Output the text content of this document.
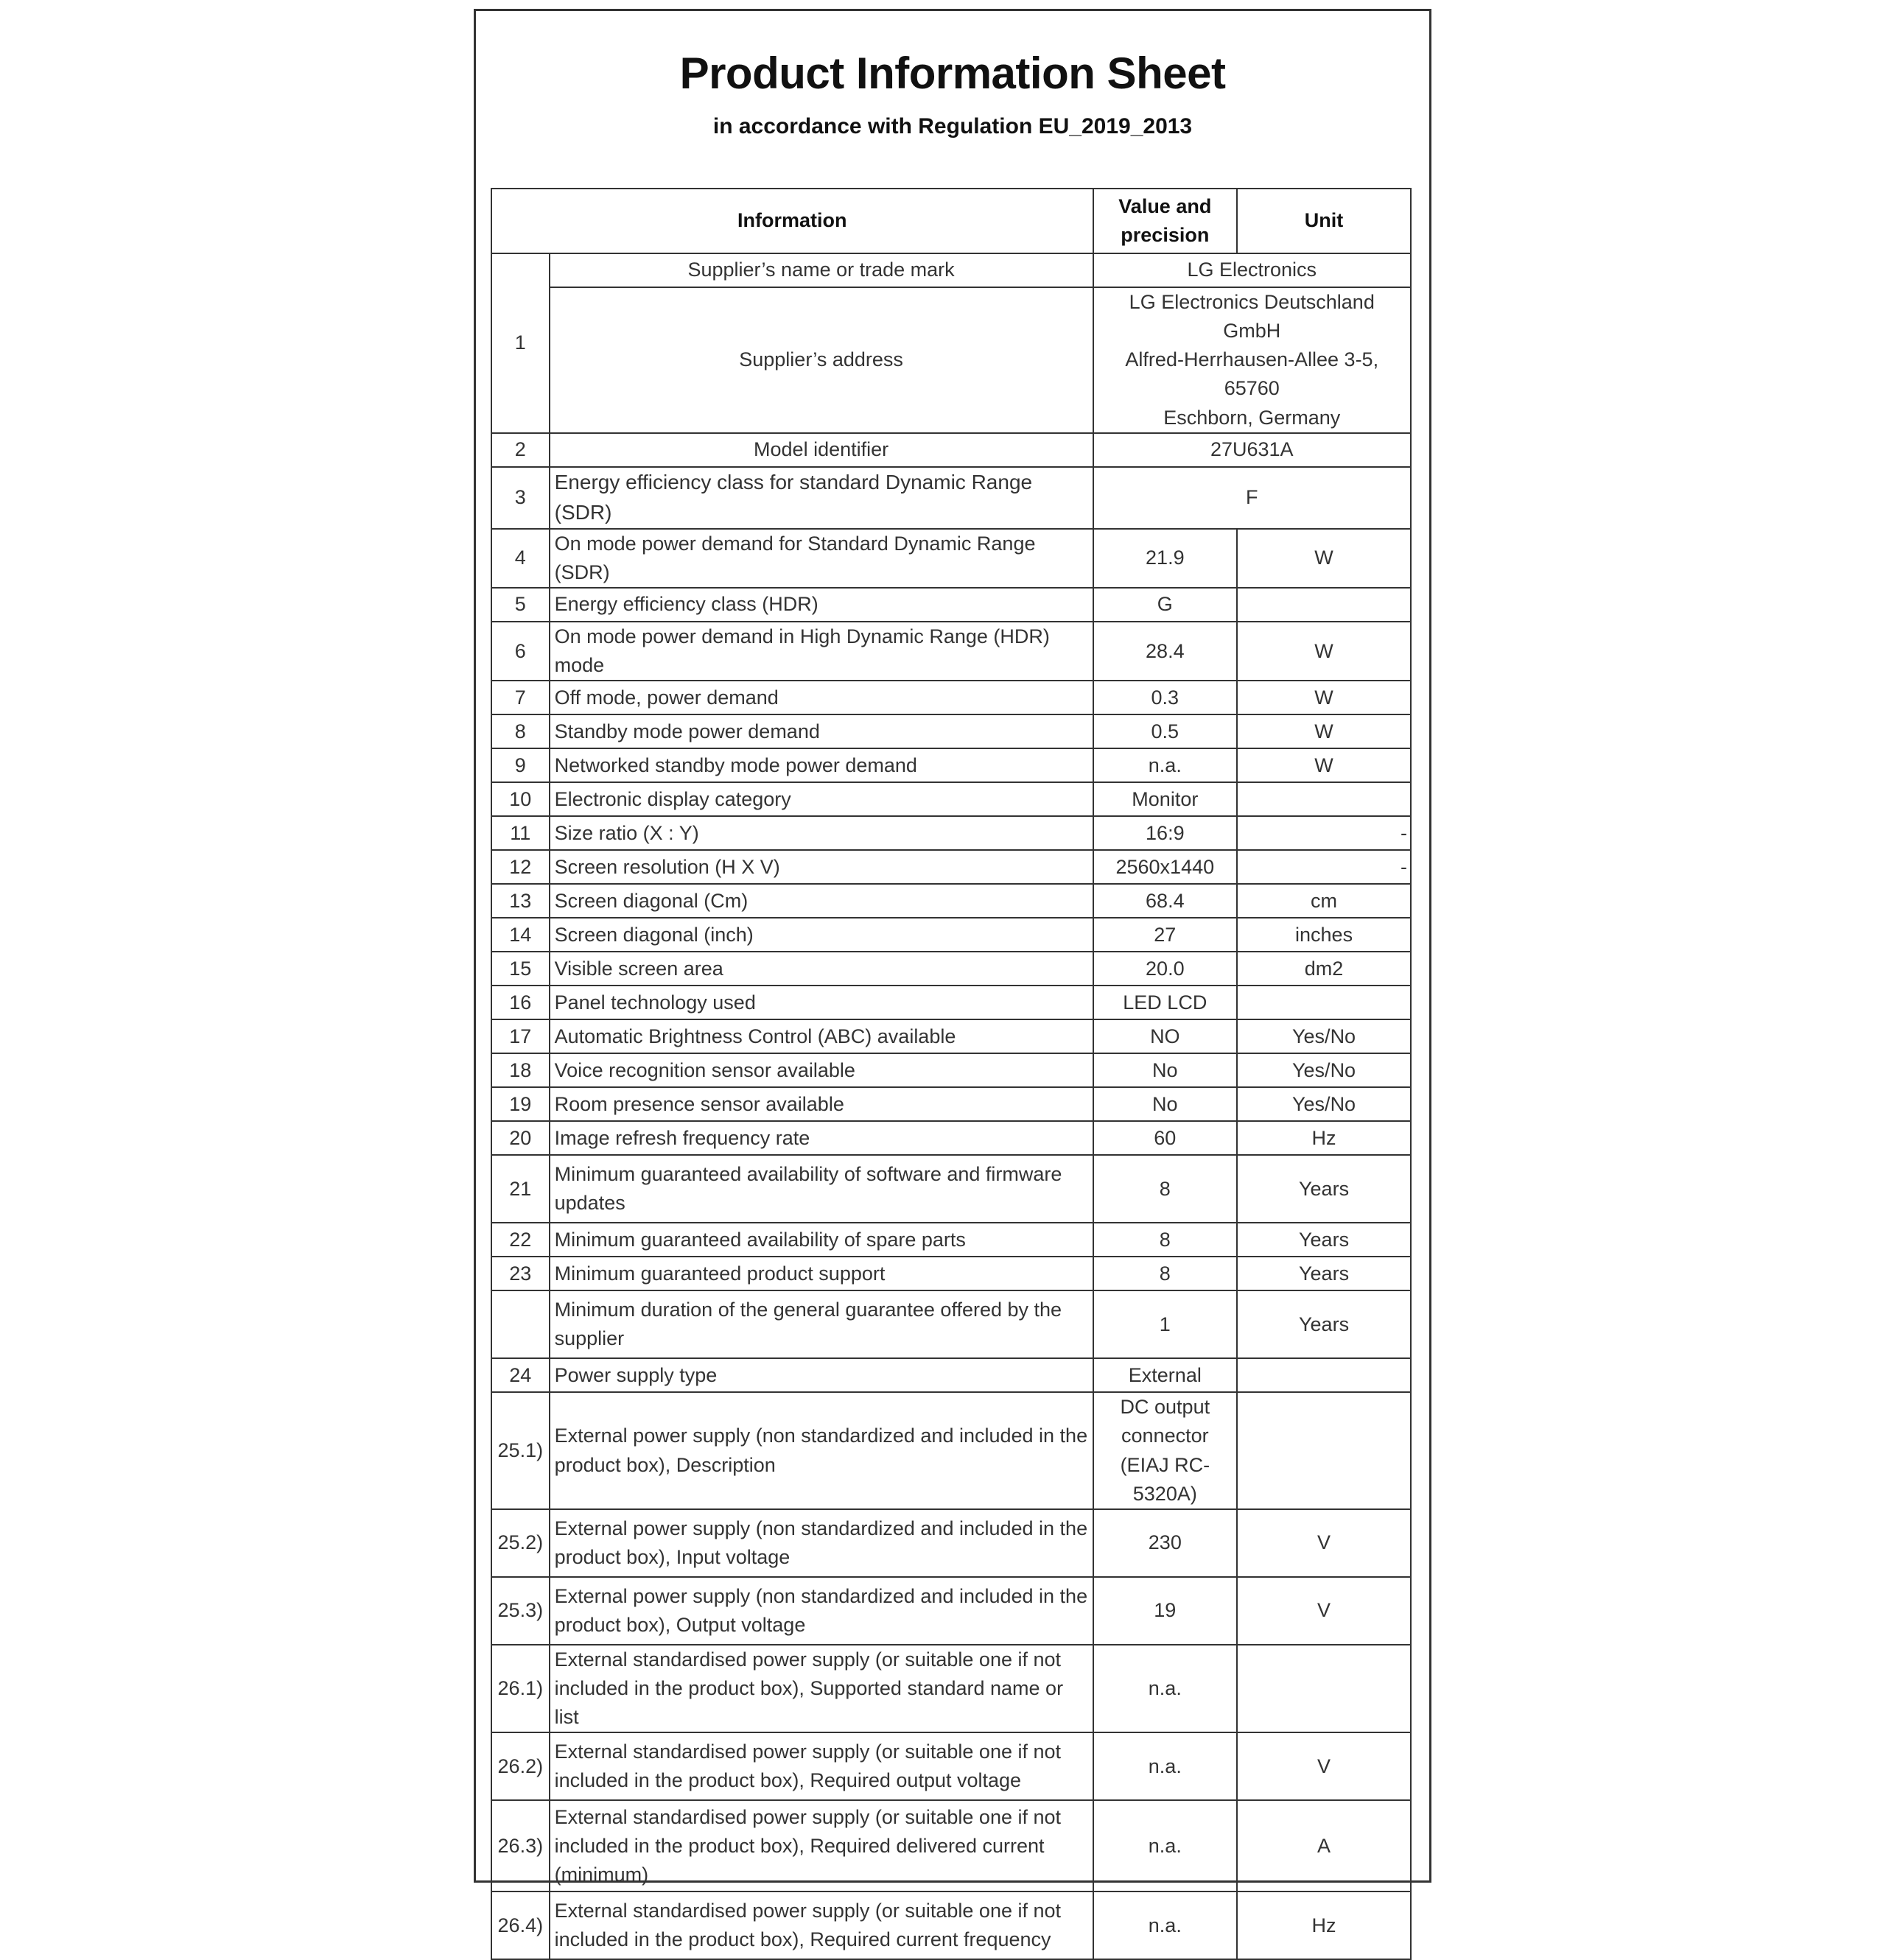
Product Information Sheet
in accordance with Regulation EU_2019_2013
Information		Value and precision	Unit
1	Supplier’s name or trade mark	LG Electronics	
	Supplier’s address	LG Electronics Deutschland GmbH
Alfred-Herrhausen-Allee 3-5, 65760
Eschborn, Germany	

2	Model identifier	27U631A	
3	Energy efficiency class for standard Dynamic Range (SDR)	F	
4	On mode power demand for Standard Dynamic Range (SDR)	21.9	W
5	Energy efficiency class (HDR)	G	
6	On mode power demand in High Dynamic Range (HDR) mode	28.4	W
7	Off mode, power demand	0.3	W
8	Standby mode power demand	0.5	W
9	Networked standby mode power demand	n.a.	W
10	Electronic display category	Monitor	
11	Size ratio (X : Y)	16:9	-
12	Screen resolution (H X V)	2560x1440	-
13	Screen diagonal (Cm)	68.4	cm
14	Screen diagonal (inch)	27	inches
15	Visible screen area	20.0	dm2
16	Panel technology used	LED LCD	
17	Automatic Brightness Control (ABC) available	NO	Yes/No
18	Voice recognition sensor available	No	Yes/No
19	Room presence sensor available	No	Yes/No
20	Image refresh frequency rate	60	Hz
21	Minimum guaranteed availability of software and firmware updates	8	Years
22	Minimum guaranteed availability of spare parts	8	Years
23	Minimum guaranteed product support	8	Years
	Minimum duration of the general guarantee offered by the supplier	1	Years
24	Power supply type	External	
25.1)	External power supply (non standardized and included in the product box), Description	DC output connector (EIAJ RC-5320A)	
25.2)	External power supply (non standardized and included in the product box), Input voltage	230	V
25.3)	External power supply (non standardized and included in the product box), Output voltage	19	V
26.1)	External standardised power supply (or suitable one if not included in the product box), Supported standard name or list	n.a.	
26.2)	External standardised power supply (or suitable one if not included in the product box), Required output voltage	n.a.	V
26.3)	External standardised power supply (or suitable one if not included in the product box), Required delivered current (minimum)	n.a.	A
26.4)	External standardised power supply (or suitable one if not included in the product box), Required current frequency	n.a.	Hz
